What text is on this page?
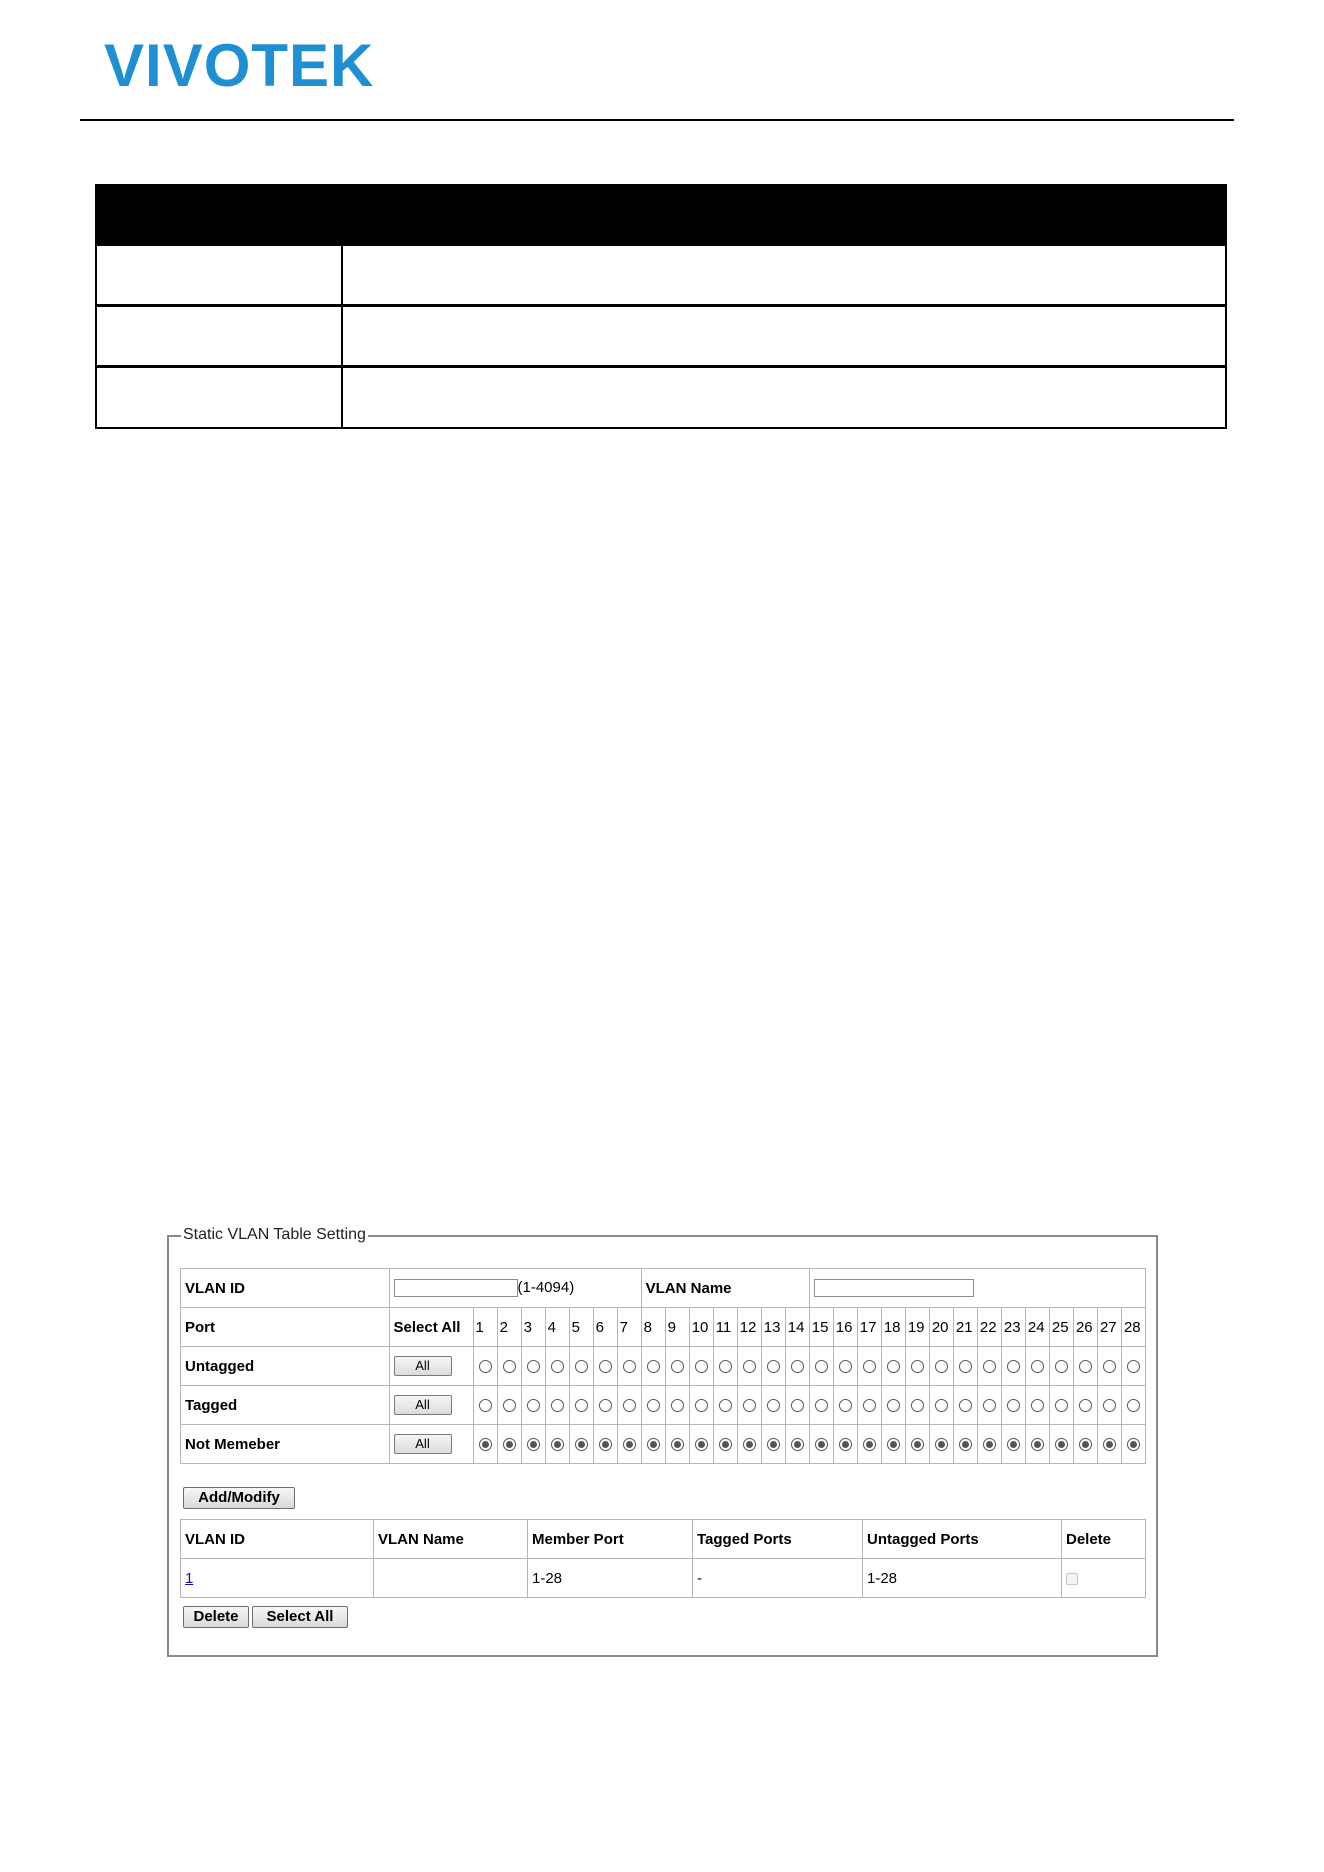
VIVOTEK
Static VLAN Table Setting
VLAN ID	(1-4094)								VLAN Name																				
Port	Select All	1	2	3	4	5	6	7	8	9	10	11	12	13	14	15	16	17	18	19	20	21	22	23	24	25	26	27	28
Untagged	All																												
Tagged	All																												
Not Memeber	All																												
Add/Modify
VLAN ID	VLAN Name	Member Port	Tagged Ports	Untagged Ports	Delete
1		1-28	-	1-28	
Delete	Select All
